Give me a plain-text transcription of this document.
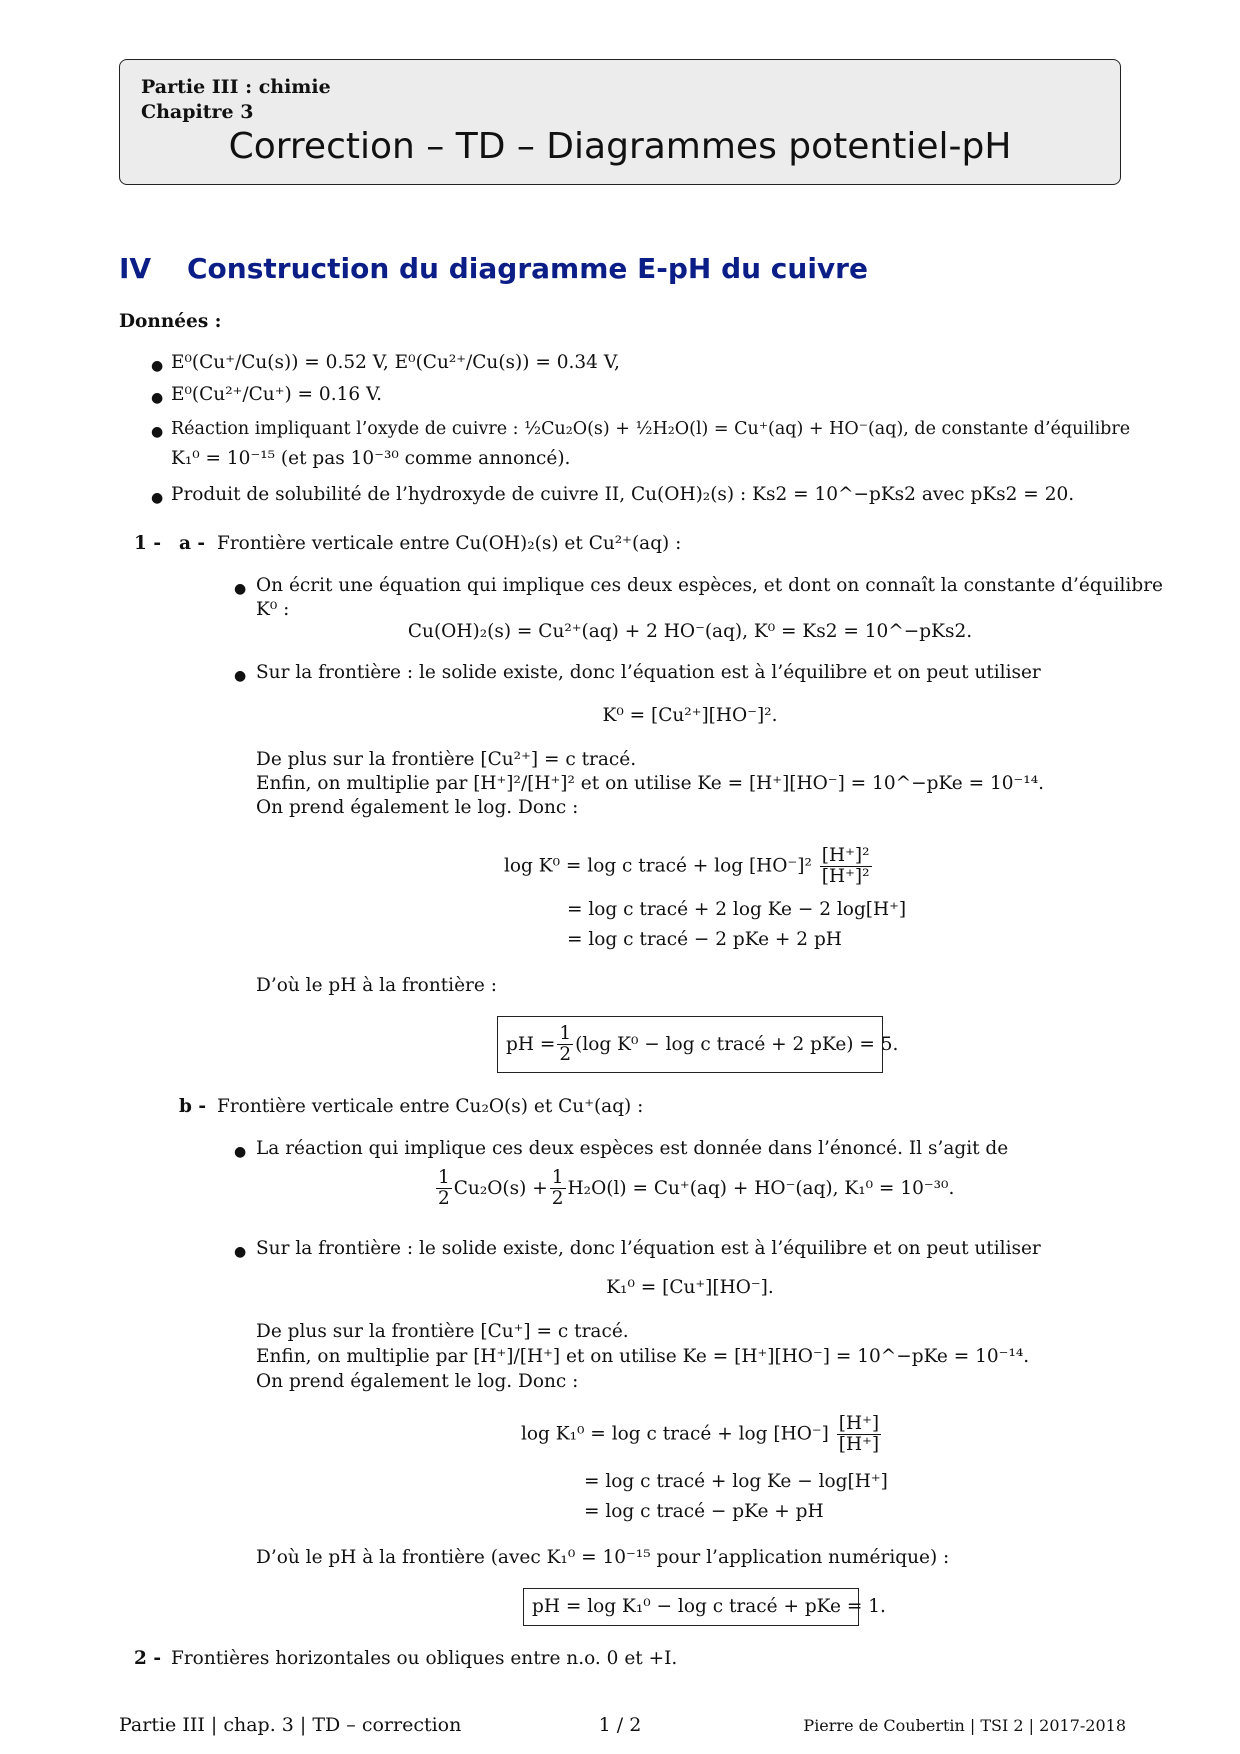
Partie III : chimie
Chapitre 3
Correction – TD – Diagrammes potentiel-pH
IV Construction du diagramme E-pH du cuivre
Données :
● E⁰(Cu⁺/Cu(s)) = 0.52 V, E⁰(Cu²⁺/Cu(s)) = 0.34 V,
● E⁰(Cu²⁺/Cu⁺) = 0.16 V.
● Réaction impliquant l’oxyde de cuivre : ½Cu₂O(s) + ½H₂O(l) = Cu⁺(aq) + HO⁻(aq), de constante d’équilibre
K₁⁰ = 10⁻¹⁵ (et pas 10⁻³⁰ comme annoncé).
● Produit de solubilité de l’hydroxyde de cuivre II, Cu(OH)₂(s) : Ks2 = 10^−pKs2 avec pKs2 = 20.
1 - a - Frontière verticale entre Cu(OH)₂(s) et Cu²⁺(aq) :
● On écrit une équation qui implique ces deux espèces, et dont on connaît la constante d’équilibre
K⁰ :
Cu(OH)₂(s) = Cu²⁺(aq) + 2 HO⁻(aq), K⁰ = Ks2 = 10^−pKs2.
● Sur la frontière : le solide existe, donc l’équation est à l’équilibre et on peut utiliser
K⁰ = [Cu²⁺][HO⁻]².
De plus sur la frontière [Cu²⁺] = c tracé.
Enfin, on multiplie par [H⁺]²/[H⁺]² et on utilise Ke = [H⁺][HO⁻] = 10^−pKe = 10⁻¹⁴.
On prend également le log. Donc :
log K⁰ = log c tracé + $\log [HO^-]^2 \frac{\text{[H⁺]²}}{\text{[H⁺]²}}$
= log c tracé + 2 log Ke − 2 log[H⁺]
= log c tracé − 2 pKe + 2 pH
D’où le pH à la frontière :
pH = $\frac{1}{2} (\log$ K⁰ − log c tracé + 2 pKe) = 5.
b - Frontière verticale entre Cu₂O(s) et Cu⁺(aq) :
● La réaction qui implique ces deux espèces est donnée dans l’énoncé. Il s’agit de
$\frac{1}{2} Cu_2O(s) + \frac{1}{2} H_2O(l) = Cu^+(aq) + HO^-(aq)$, K₁⁰ = 10⁻³⁰.
● Sur la frontière : le solide existe, donc l’équation est à l’équilibre et on peut utiliser
K₁⁰ = [Cu⁺][HO⁻].
De plus sur la frontière [Cu⁺] = c tracé.
Enfin, on multiplie par [H⁺]/[H⁺] et on utilise Ke = [H⁺][HO⁻] = 10^−pKe = 10⁻¹⁴.
On prend également le log. Donc :
log K₁⁰ = log c tracé + $\log [HO^-] \frac{[H^+]}{[H^+]}$
= log c tracé + log Ke − log[H⁺]
= log c tracé − pKe + pH
D’où le pH à la frontière (avec K₁⁰ = 10⁻¹⁵ pour l’application numérique) :
pH = log K₁⁰ − log c tracé + pKe = 1.
2 - Frontières horizontales ou obliques entre n.o. 0 et +I.
Partie III | chap. 3 | TD – correction	1 / 2	Pierre de Coubertin | TSI 2 | 2017-2018
